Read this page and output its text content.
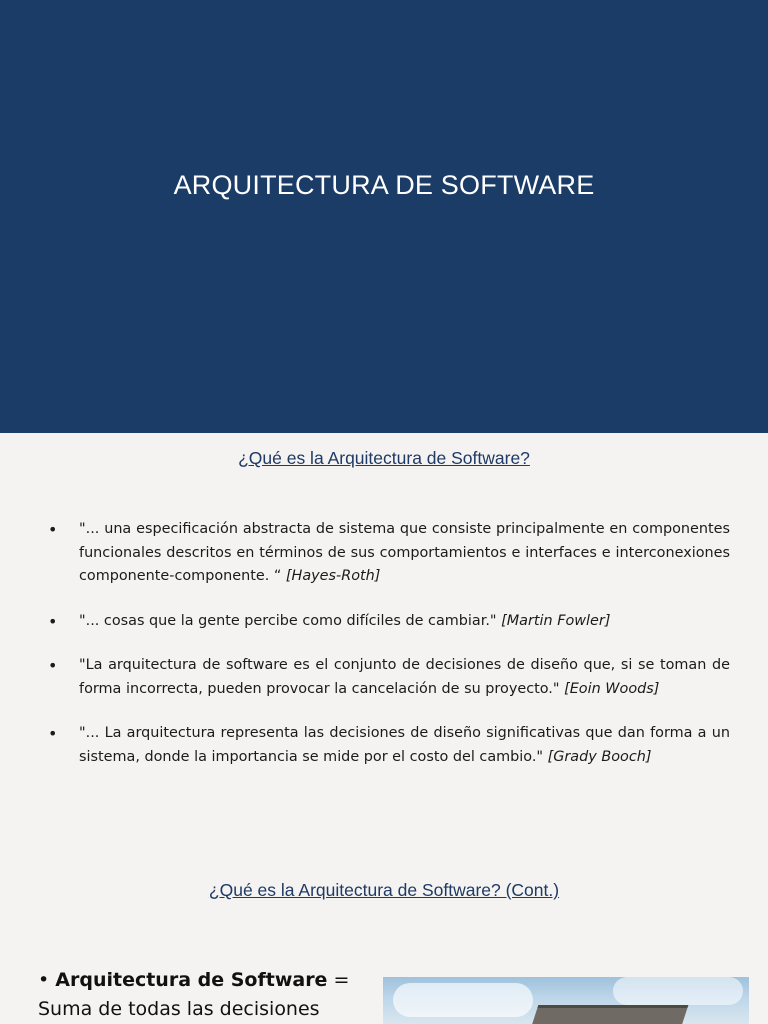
ARQUITECTURA DE SOFTWARE
¿Qué es la Arquitectura de Software?
• "... una especificación abstracta de sistema que consiste principalmente en componentes funcionales descritos en términos de sus comportamientos e interfaces e interconexiones componente-componente. “ [Hayes-Roth]
• "... cosas que la gente percibe como difíciles de cambiar." [Martin Fowler]
• "La arquitectura de software es el conjunto de decisiones de diseño que, si se toman de forma incorrecta, pueden provocar la cancelación de su proyecto." [Eoin Woods]
• "... La arquitectura representa las decisiones de diseño significativas que dan forma a un sistema, donde la importancia se mide por el costo del cambio." [Grady Booch]
¿Qué es la Arquitectura de Software? (Cont.)
• Arquitectura de Software =
Suma de todas las decisiones
